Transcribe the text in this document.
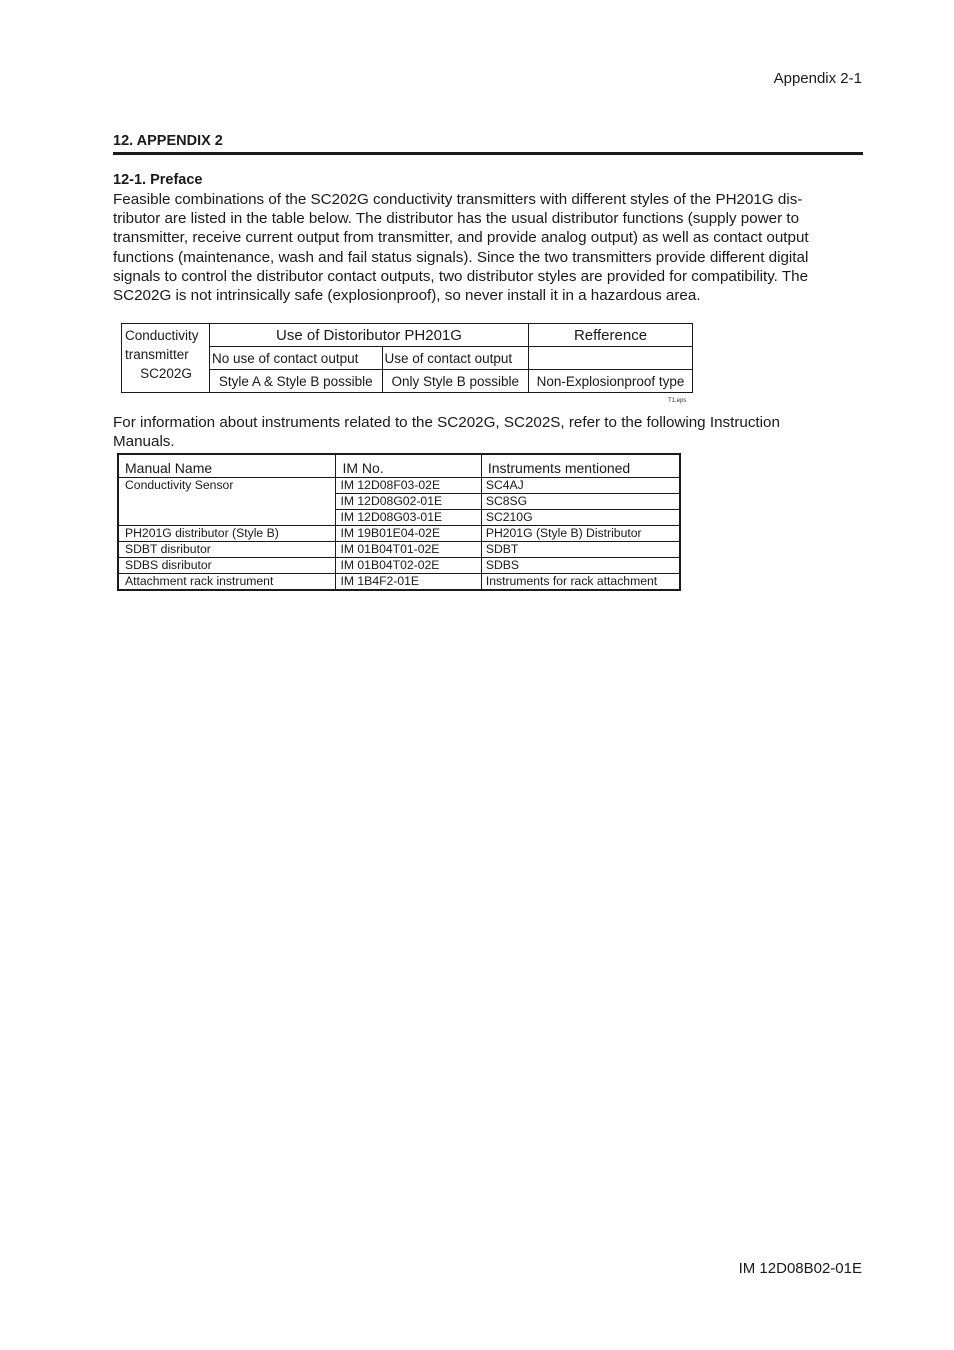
Appendix 2-1
12. APPENDIX 2
12-1. Preface

Feasible combinations of the SC202G conductivity transmitters with different styles of the PH201G dis-
tributor are listed in the table below. The distributor has the usual distributor functions (supply power to
transmitter, receive current output from transmitter, and provide analog output) as well as contact output
functions (maintenance, wash and fail status signals). Since the two transmitters provide different digital
signals to control the distributor contact outputs, two distributor styles are provided for compatibility. The
SC202G is not intrinsically safe (explosionproof), so never install it in a hazardous area.

Conductivity
transmitter
SC202G	Use of Distoributor PH201G		Refference
	No use of contact output	Use of contact output	
	Style A & Style B possible	Only Style B possible	Non-Explosionproof type
T1.eps

For information about instruments related to the SC202G, SC202S, refer to the following Instruction
Manuals.

Manual Name	IM No.	Instruments mentioned
Conductivity Sensor	IM 12D08F03-02E	SC4AJ
	IM 12D08G02-01E	SC8SG
	IM 12D08G03-01E	SC210G
PH201G distributor (Style B)	IM 19B01E04-02E	PH201G (Style B) Distributor
SDBT disributor	IM 01B04T01-02E	SDBT
SDBS disributor	IM 01B04T02-02E	SDBS
Attachment rack instrument	IM 1B4F2-01E	Instruments for rack attachment
IM 12D08B02-01E
